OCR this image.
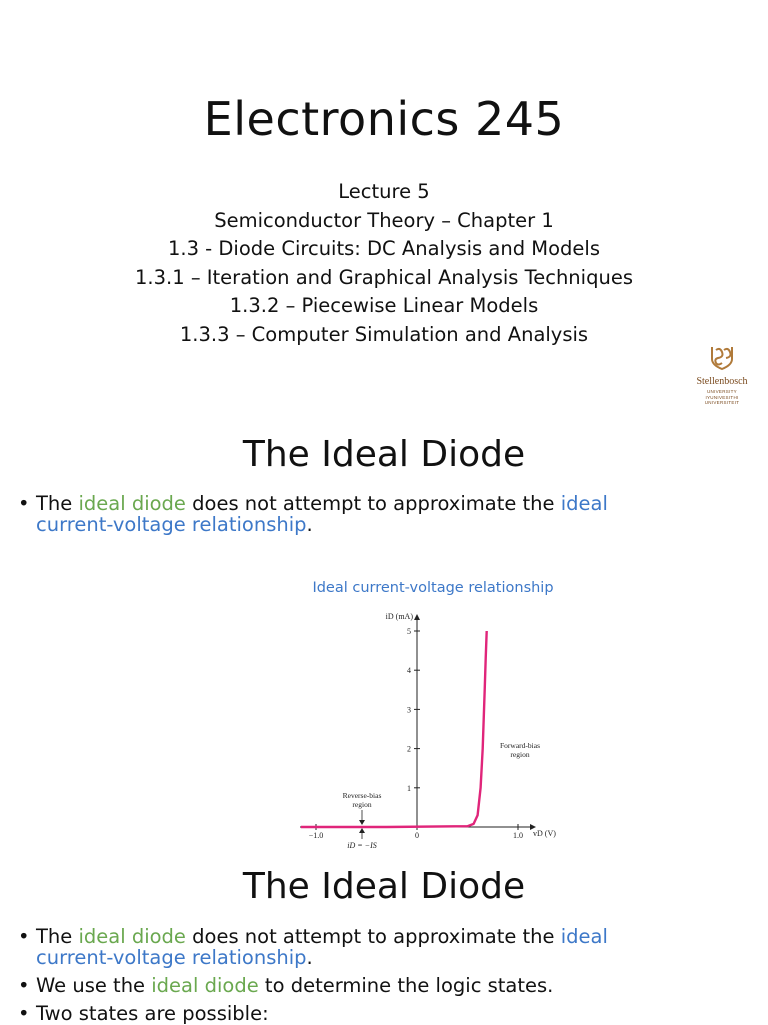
Electronics 245
Lecture 5
Semiconductor Theory – Chapter 1
1.3 - Diode Circuits: DC Analysis and Models
1.3.1 – Iteration and Graphical Analysis Techniques
1.3.2 – Piecewise Linear Models
1.3.3 – Computer Simulation and Analysis
Stellenbosch
UNIVERSITY
IYUNIVESITHI
UNIVERSITEIT
The Ideal Diode
• The ideal diode does not attempt to approximate the ideal
current-voltage relationship.
Ideal current-voltage relationship
iD (mA)
vD (V)
1
2
3
4
5
−1.0	0	1.0
Forward-bias
region
Reverse-bias
region
iD = −IS
The Ideal Diode
• The ideal diode does not attempt to approximate the ideal
current-voltage relationship.
• We use the ideal diode to determine the logic states.
• Two states are possible:
